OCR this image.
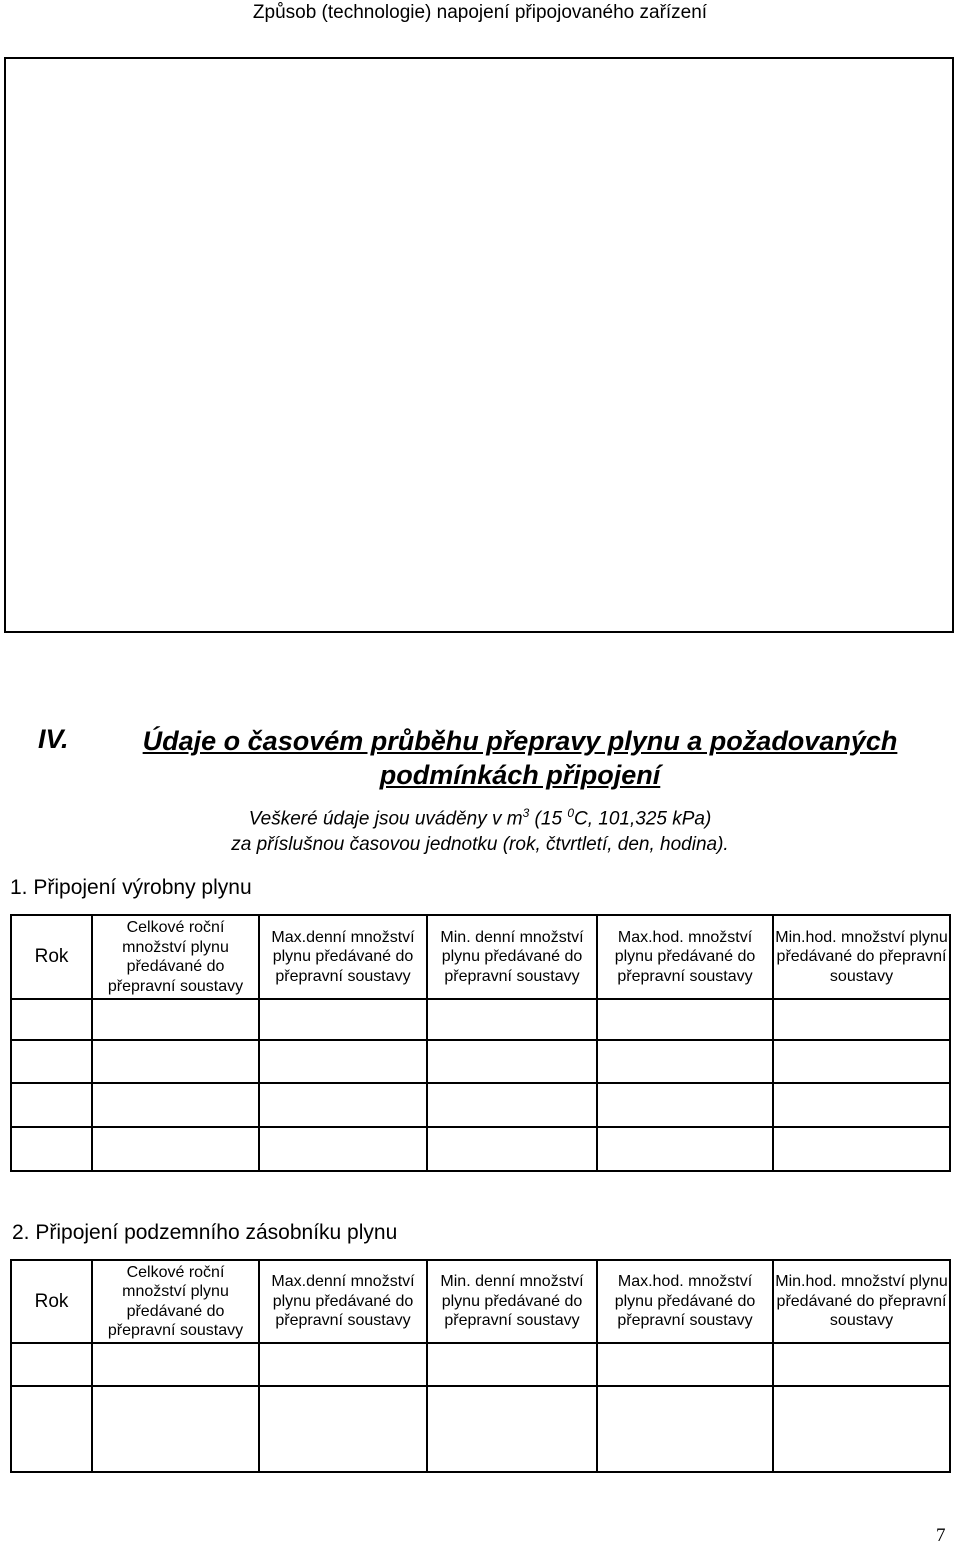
Způsob (technologie) napojení připojovaného zařízení
IV.	Údaje o časovém průběhu přepravy plynu a požadovaných podmínkách připojení
Veškeré údaje jsou uváděny v $m^3$ (15 $^0$C, 101,325 kPa)
za příslušnou časovou jednotku (rok, čtvrtletí, den, hodina).
1. Připojení výrobny plynu
Rok	Celkové roční množství plynu předávané do přepravní soustavy	Max.denní množství plynu předávané do přepravní soustavy	Min. denní množství plynu předávané do přepravní soustavy	Max.hod. množství plynu předávané do přepravní soustavy	Min.hod. množství plynu předávané do přepravní soustavy

2. Připojení podzemního zásobníku plynu
Rok	Celkové roční množství plynu předávané do přepravní soustavy	Max.denní množství plynu předávané do přepravní soustavy	Min. denní množství plynu předávané do přepravní soustavy	Max.hod. množství plynu předávané do přepravní soustavy	Min.hod. množství plynu předávané do přepravní soustavy

7
